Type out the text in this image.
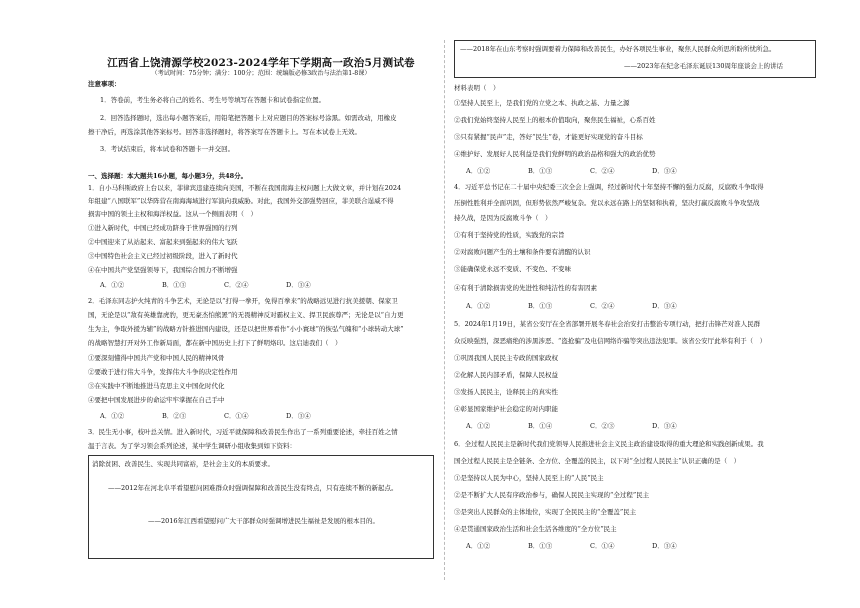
江西省上饶清源学校2023-2024学年下学期高一政治5月测试卷
（考试时间：75分钟；满分：100分；范围：统编版必修3政治与法治第1-8课）
注意事项：
1．答卷前，考生务必将自己的姓名、考生号等填写在答题卡和试卷指定位置。
2．回答选择题时，选出每小题答案后，用铅笔把答题卡上对应题目的答案标号涂黑。如需改动，用橡皮
擦干净后，再选涂其他答案标号。回答非选择题时，将答案写在答题卡上。写在本试卷上无效。
3．考试结束后，将本试卷和答题卡一并交回。
一、选择题：本大题共16小题，每小题3分，共48分。
1．自小马科斯政府上台以来，菲律宾违建连续向美国，不断在我国南海主权问题上大做文章，并计划在2024
年组建“八国联军”以华阵营在南海海域进行军演向我威胁。对此，我国外交部强势回应，菲美联合逞威不得
损害中国的领土主权和海洋权益。这从一个侧面表明（　）
①进入新时代，中国已经成功跻身于世界强国的行列
②中国迎来了从站起来、富起来到强起来的伟大飞跃
③中国特色社会主义已经过初级阶段，进入了新时代
④在中国共产党坚强领导下，我国综合国力不断增强
A．①②	B．①③	C．②④	D．③④
2．毛泽东同志护火纯青的斗争艺术，无论是以“打得一拳开，免得百拳来”的战略远见进行抗美援朝、保家卫
国，无论是以“敌有英雄靠虎豹，更无豪杰怕熊罴”的无畏精神反对霸权主义、捍卫民族尊严；无论是以“自力更
生为主，争取外援为辅”的战略方针推进国内建设，还是以把世界看作“小小寰球”的恢弘气魄和“小球转动大球”
的战略智慧打开对外工作新局面，都在新中国历史上打下了鲜明烙印。这启迪我们（　）
①要深刻懂得中国共产党和中国人民的精神风骨
②要敢于进行伟大斗争，发挥伟大斗争的决定性作用
③在实践中不断地推进马克思主义中国化时代化
④要把中国发展进步的命运牢牢掌握在自己手中
A．①②	B．②③	C．①④	D．③④
3．民生无小事，枝叶总关情。进入新时代，习近平就保障和改善民生作出了一系列重要论述，牵挂百姓之情
温于言表。为了学习领会系列论述，某中学生调研小组收集到如下资料：
消除贫困、改善民生、实现共同富裕，是社会主义的本质要求。
——2012年在河北阜平看望慰问困难群众时强调保障和改善民生没有终点，只有连续不断的新起点。
——2016年江西看望慰问广大干部群众时强调增进民生福祉是发展的根本目的。
——2018年在山东考察时强调要着力保障和改善民生，办好各项民生事业，聚焦人民群众所思所盼所忧所急。
——2023年在纪念毛泽东诞辰130周年座谈会上的讲话
材料表明（　）
①坚持人民至上，是我们党的立党之本、执政之基、力量之源
②我们党始终坚持人民至上的根本价值取向，聚焦民生福祉，心系百姓
③只有紧握“民声”走，答好“民生”卷，才能更好实现党的奋斗目标
④维护好、发展好人民利益是我们党鲜明的政治品格和强大的政治优势
A．①②	B．①③	C．②④	D．③④
4．习近平总书记在二十届中央纪委三次全会上强调，经过新时代十年坚持不懈的强力反腐，反腐败斗争取得
压倒性胜利并全面巩固，但形势依然严峻复杂。党以永远在路上的坚韧和执着，坚决打赢反腐败斗争攻坚战
持久战，是因为反腐败斗争（　）
①有利于坚持党的性质，实践党的宗旨
②对腐败问题产生的土壤和条件要有清醒的认识
③能确保党永远不变质、不变色、不变味
④有利于清除损害党的先进性和纯洁性的有害因素
A．①②	B．①③	C．②④	D．③④
5．2024年1月19日，某省公安厅在全省部署开展冬春社会治安打击整治专项行动，把打击锋芒对准人民群
众反映强烈，深恶痛绝的涉黑涉恶、“盗抢骗”及电信网络诈骗等突出违法犯罪。该省公安厅此举有利于（　）
①巩固我国人民民主专政的国家政权
②化解人民内部矛盾，保障人民权益
③发扬人民民主，诠释民主的真实性
④彰显国家维护社会稳定的对内职能
A．①②	B．①④	C．②③	D．③④
6．全过程人民民主是新时代我们党领导人民推进社会主义民主政治建设取得的重大理论和实践创新成果。我
国全过程人民民主是全链条、全方位、全覆盖的民主，以下对“全过程人民民主”认识正确的是（　）
①是坚持以人民为中心，坚持人民至上的“人民”民主
②是不断扩大人民有序政治参与，确保人民民主实现的“全过程”民主
③是突出人民群众的主体地位，实现了全民民主的“全覆盖”民主
④是贯通国家政治生活和社会生活各维度的“全方位”民主
A．①②	B．①③	C．①④	D．③④
